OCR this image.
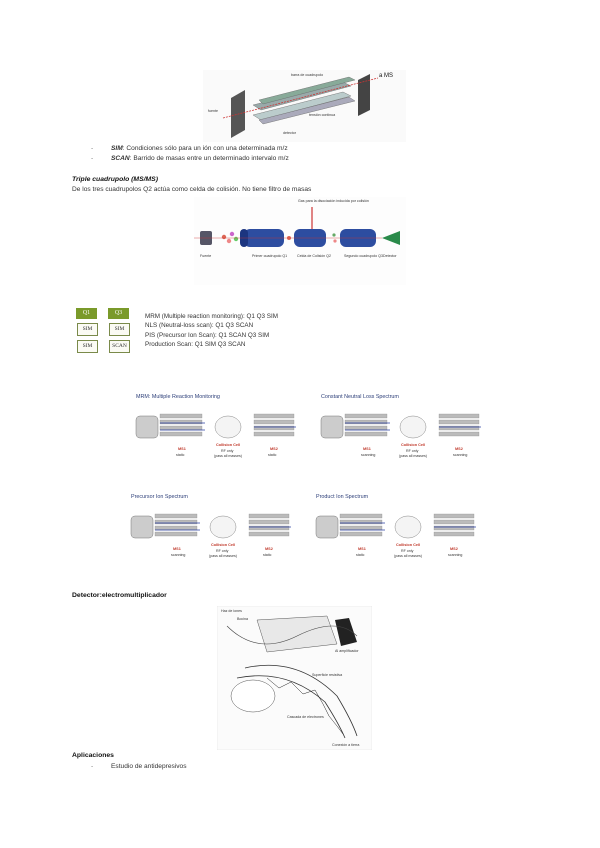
a MS
barra de cuadrupolo
fuente
tensión continua
detector
-	SIM: Condiciones sólo para un ión con una determinada m/z
-	SCAN: Barrido de masas entre un determinado intervalo m/z
Triple cuadrupolo (MS/MS)
De los tres cuadrupolos Q2 actúa como celda de colisión. No tiene filtro de masas
Gas para la disociación inducida por colisión
Fuente	Primer cuadrupolo Q1	Celda de Colisión Q2	Segundo cuadrupolo Q3 Detector
Q1	Q3
SIM	SIM
SIM	SCAN
MRM (Multiple reaction monitoring): Q1 Q3 SIM
NLS (Neutral-loss scan): Q1 Q3 SCAN
PIS (Precursor Ion Scan): Q1 SCAN Q3 SIM
Production Scan: Q1 SIM Q3 SCAN
MRM: Multiple Reaction Monitoring
MS1
static
Collision Cell
RF only
(pass all masses)
MS2
static
Constant Neutral Loss Spectrum
MS1
scanning
Collision Cell
RF only
(pass all masses)
MS2
scanning
Precursor Ion Spectrum
MS1
scanning
Collision Cell
RF only
(pass all masses)
MS2
static
Product Ion Spectrum
MS1
static
Collision Cell
RF only
(pass all masses)
MS2
scanning
Detector:electromultiplicador
Haz de iones
Bocina
Al amplificador
Superficie resistiva
Cascada de electrones
Conexión a tierra
Aplicaciones
-	Estudio de antidepresivos
